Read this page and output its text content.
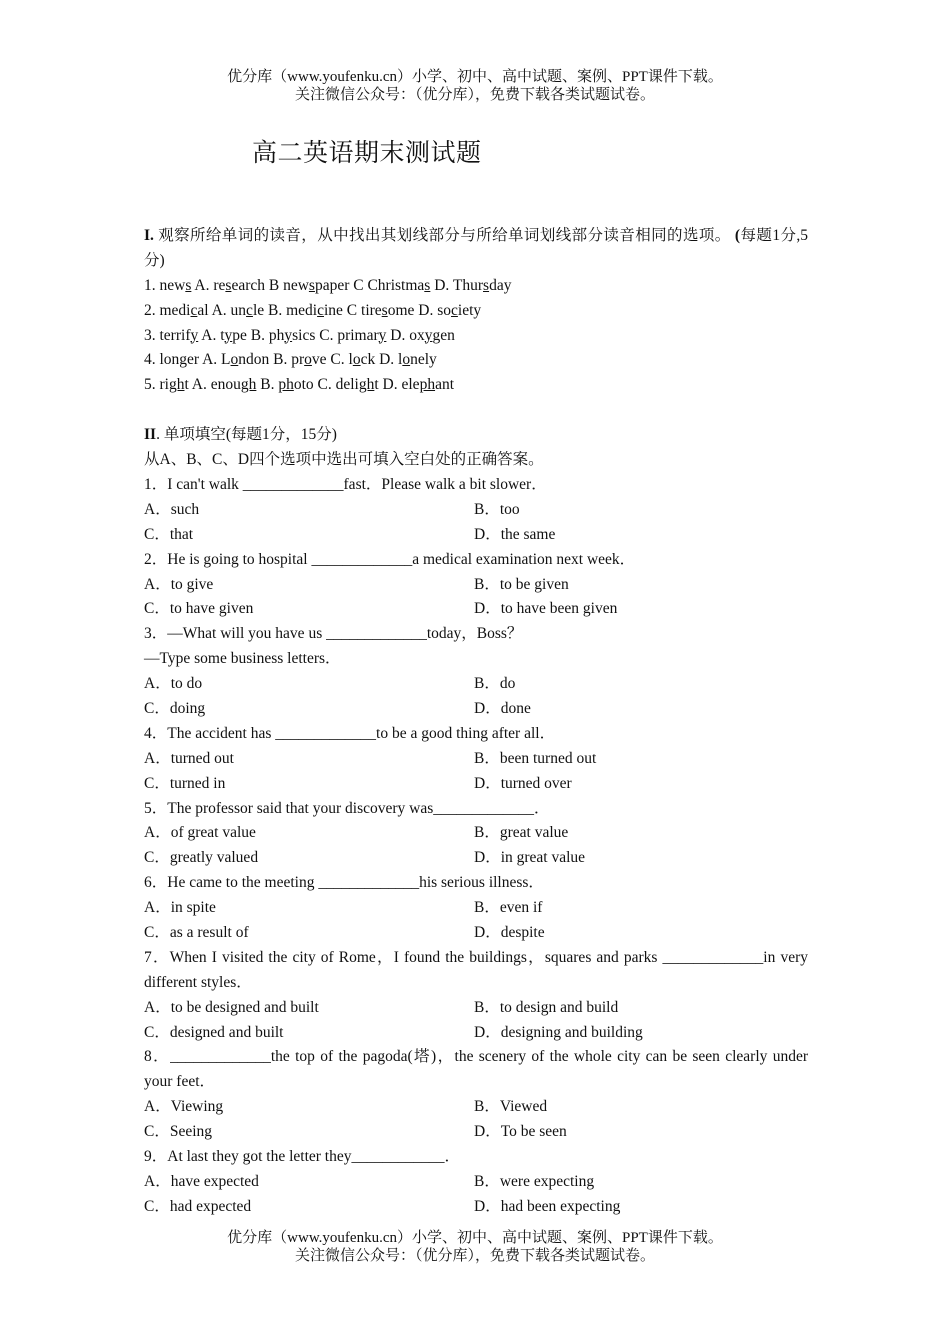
优分库（www.youfenku.cn）小学、初中、高中试题、案例、PPT课件下载。
关注微信公众号：（优分库），免费下载各类试题试卷。
高二英语期末测试题
I. 观察所给单词的读音，从中找出其划线部分与所给单词划线部分读音相同的选项。 (每题1分,5分)
1. news A. research B newspaper C Christmas D. Thursday
2. medical A. uncle B. medicine C tiresome D. society
3. terrify A. type B. physics C. primary D. oxygen
4. longer A. London B. prove C. lock D. lonely
5. right A. enough B. photo C. delight D. elephant
II. 单项填空(每题1分，15分)
从A、B、C、D四个选项中选出可填入空白处的正确答案。
1．I can't walk _____________fast．Please walk a bit slower．
A．such	B．too
C．that	D．the same
2．He is going to hospital _____________a medical examination next week．
A．to give	B．to be given
C．to have given	D．to have been given
3．—What will you have us _____________today，Boss？
—Type some business letters．
A．to do	B．do
C．doing	D．done
4．The accident has _____________to be a good thing after all．
A．turned out	B．been turned out
C．turned in	D．turned over
5．The professor said that your discovery was_____________．
A．of great value	B．great value
C．greatly valued	D．in great value
6．He came to the meeting _____________his serious illness．
A．in spite	B．even if
C．as a result of	D．despite
7．When I visited the city of Rome，I found the buildings，squares and parks _____________in very different styles．
A．to be designed and built	B．to design and build
C．designed and built	D．designing and building
8．_____________the top of the pagoda(塔)，the scenery of the whole city can be seen clearly under your feet．
A．Viewing	B．Viewed
C．Seeing	D．To be seen
9．At last they got the letter they____________．
A．have expected	B．were expecting
C．had expected	D．had been expecting
优分库（www.youfenku.cn）小学、初中、高中试题、案例、PPT课件下载。
关注微信公众号：（优分库），免费下载各类试题试卷。
